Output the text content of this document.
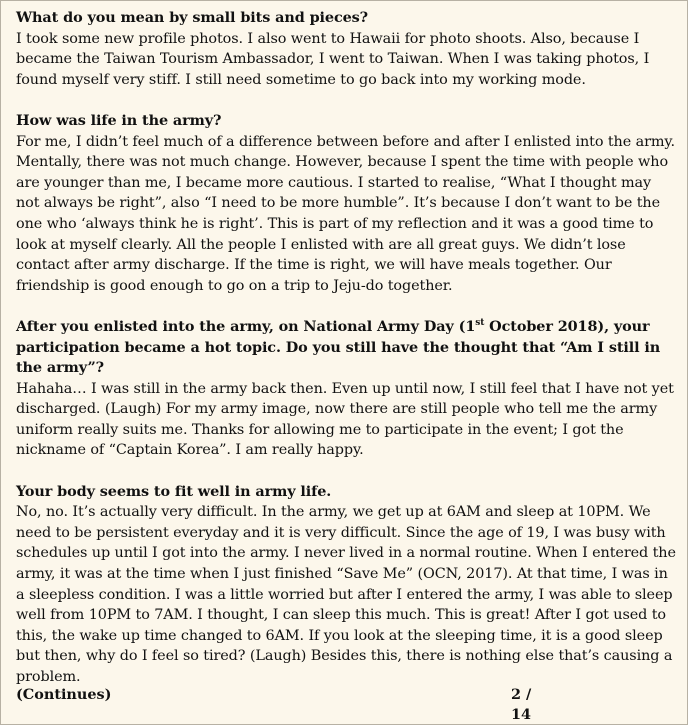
What do you mean by small bits and pieces?

I took some new profile photos. I also went to Hawaii for photo shoots. Also, because I became the Taiwan Tourism Ambassador, I went to Taiwan. When I was taking photos, I found myself very stiff. I still need sometime to go back into my working mode.

How was life in the army?

For me, I didn’t feel much of a difference between before and after I enlisted into the army. Mentally, there was not much change. However, because I spent the time with people who are younger than me, I became more cautious. I started to realise, “What I thought may not always be right”, also “I need to be more humble”. It’s because I don’t want to be the one who ‘always think he is right’. This is part of my reflection and it was a good time to look at myself clearly. All the people I enlisted with are all great guys. We didn’t lose contact after army discharge. If the time is right, we will have meals together. Our friendship is good enough to go on a trip to Jeju-do together.

After you enlisted into the army, on National Army Day (1st October 2018), your participation became a hot topic. Do you still have the thought that “Am I still in the army”?

Hahaha… I was still in the army back then. Even up until now, I still feel that I have not yet discharged. (Laugh) For my army image, now there are still people who tell me the army uniform really suits me. Thanks for allowing me to participate in the event; I got the nickname of “Captain Korea”. I am really happy.

Your body seems to fit well in army life.

No, no. It’s actually very difficult. In the army, we get up at 6AM and sleep at 10PM. We need to be persistent everyday and it is very difficult. Since the age of 19, I was busy with schedules up until I got into the army. I never lived in a normal routine. When I entered the army, it was at the time when I just finished “Save Me” (OCN, 2017). At that time, I was in a sleepless condition. I was a little worried but after I entered the army, I was able to sleep well from 10PM to 7AM. I thought, I can sleep this much. This is great! After I got used to this, the wake up time changed to 6AM. If you look at the sleeping time, it is a good sleep but then, why do I feel so tired? (Laugh) Besides this, there is nothing else that’s causing a problem.

(Continues)	2 / 14
